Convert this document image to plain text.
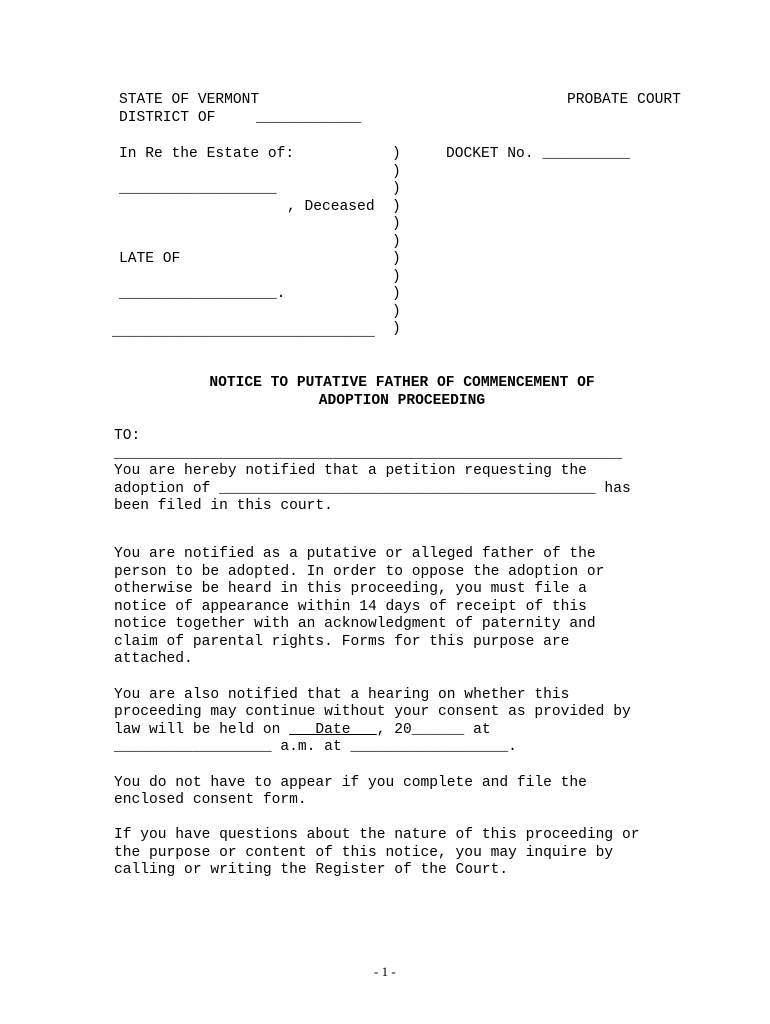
STATE OF VERMONT	PROBATE COURT
DISTRICT OF	____________
In Re the Estate of:	DOCKET No. __________
)
)
)
)
)
)
)
)
)
)
)
__________________
, Deceased
LATE OF
__________________.
______________________________
NOTICE TO PUTATIVE FATHER OF COMMENCEMENT OF
ADOPTION PROCEEDING
TO:
__________________________________________________________
You are hereby notified that a petition requesting the
adoption of ___________________________________________ has
been filed in this court.
You are notified as a putative or alleged father of the
person to be adopted. In order to oppose the adoption or
otherwise be heard in this proceeding, you must file a
notice of appearance within 14 days of receipt of this
notice together with an acknowledgment of paternity and
claim of parental rights. Forms for this purpose are
attached.
You are also notified that a hearing on whether this
proceeding may continue without your consent as provided by
law will be held on    Date   , 20______ at
__________________ a.m. at __________________.
You do not have to appear if you complete and file the
enclosed consent form.
If you have questions about the nature of this proceeding or
the purpose or content of this notice, you may inquire by
calling or writing the Register of the Court.
- 1 -
